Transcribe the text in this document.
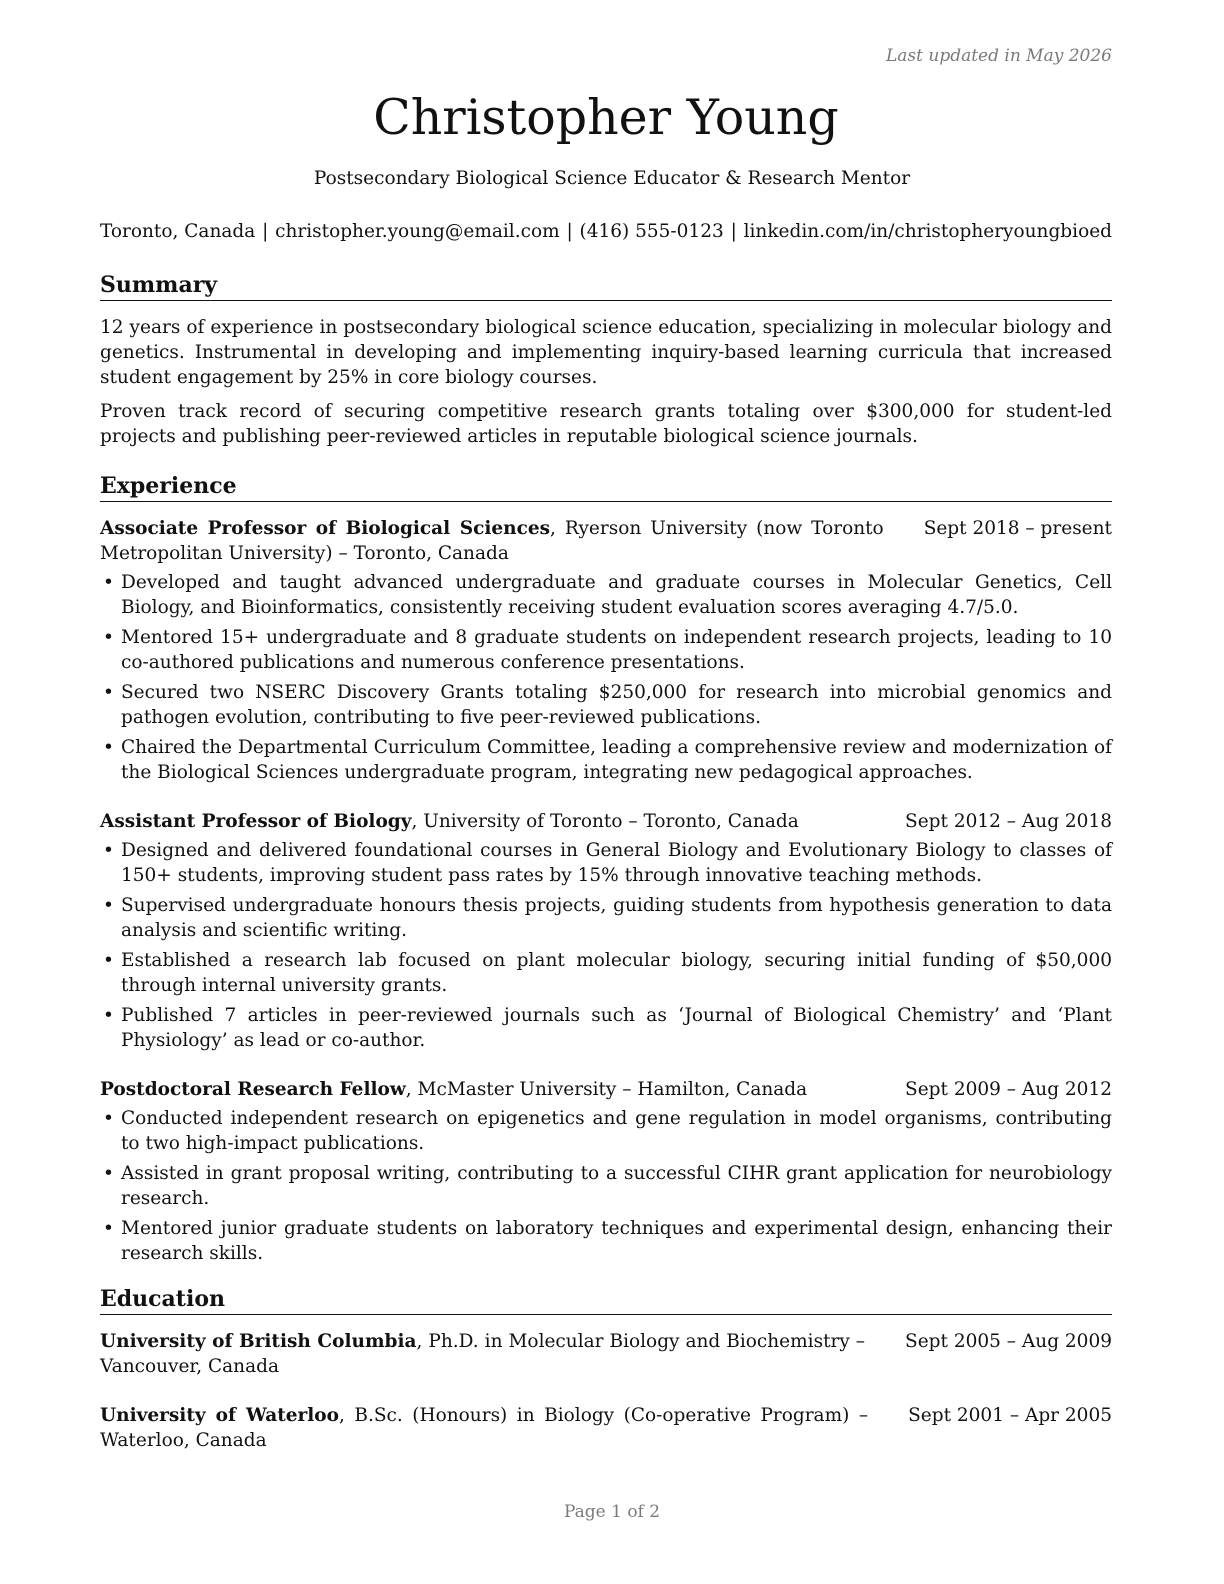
Last updated in May 2026
Christopher Young
Postsecondary Biological Science Educator & Research Mentor
Toronto, Canada | christopher.young@email.com | (416) 555-0123 | linkedin.com/in/christopheryoungbioed
Summary

12 years of experience in postsecondary biological science education, specializing in molecular biology and genetics. Instrumental in developing and implementing inquiry-based learning curricula that increased student engagement by 25% in core biology courses.

Proven track record of securing competitive research grants totaling over $300,000 for student-led projects and publishing peer-reviewed articles in reputable biological science journals.

Experience
Associate Professor of Biological Sciences, Ryerson University (now Toronto Metropolitan University) – Toronto, Canada
Sept 2018 – present
• Developed and taught advanced undergraduate and graduate courses in Molecular Genetics, Cell Biology, and Bioinformatics, consistently receiving student evaluation scores averaging 4.7/5.0.
• Mentored 15+ undergraduate and 8 graduate students on independent research projects, leading to 10 co-authored publications and numerous conference presentations.
• Secured two NSERC Discovery Grants totaling $250,000 for research into microbial genomics and pathogen evolution, contributing to five peer-reviewed publications.
• Chaired the Departmental Curriculum Committee, leading a comprehensive review and modernization of the Biological Sciences undergraduate program, integrating new pedagogical approaches.
Assistant Professor of Biology, University of Toronto – Toronto, Canada	Sept 2012 – Aug 2018
• Designed and delivered foundational courses in General Biology and Evolutionary Biology to classes of 150+ students, improving student pass rates by 15% through innovative teaching methods.
• Supervised undergraduate honours thesis projects, guiding students from hypothesis generation to data analysis and scientific writing.
• Established a research lab focused on plant molecular biology, securing initial funding of $50,000 through internal university grants.
• Published 7 articles in peer-reviewed journals such as ‘Journal of Biological Chemistry’ and ‘Plant Physiology’ as lead or co-author.
Postdoctoral Research Fellow, McMaster University – Hamilton, Canada	Sept 2009 – Aug 2012
• Conducted independent research on epigenetics and gene regulation in model organisms, contributing to two high-impact publications.
• Assisted in grant proposal writing, contributing to a successful CIHR grant application for neurobiology research.
• Mentored junior graduate students on laboratory techniques and experimental design, enhancing their research skills.
Education
University of British Columbia, Ph.D. in Molecular Biology and Biochemistry – Vancouver, Canada
Sept 2005 – Aug 2009
University of Waterloo, B.Sc. (Honours) in Biology (Co-operative Program) – Waterloo, Canada
Sept 2001 – Apr 2005
Page 1 of 2
